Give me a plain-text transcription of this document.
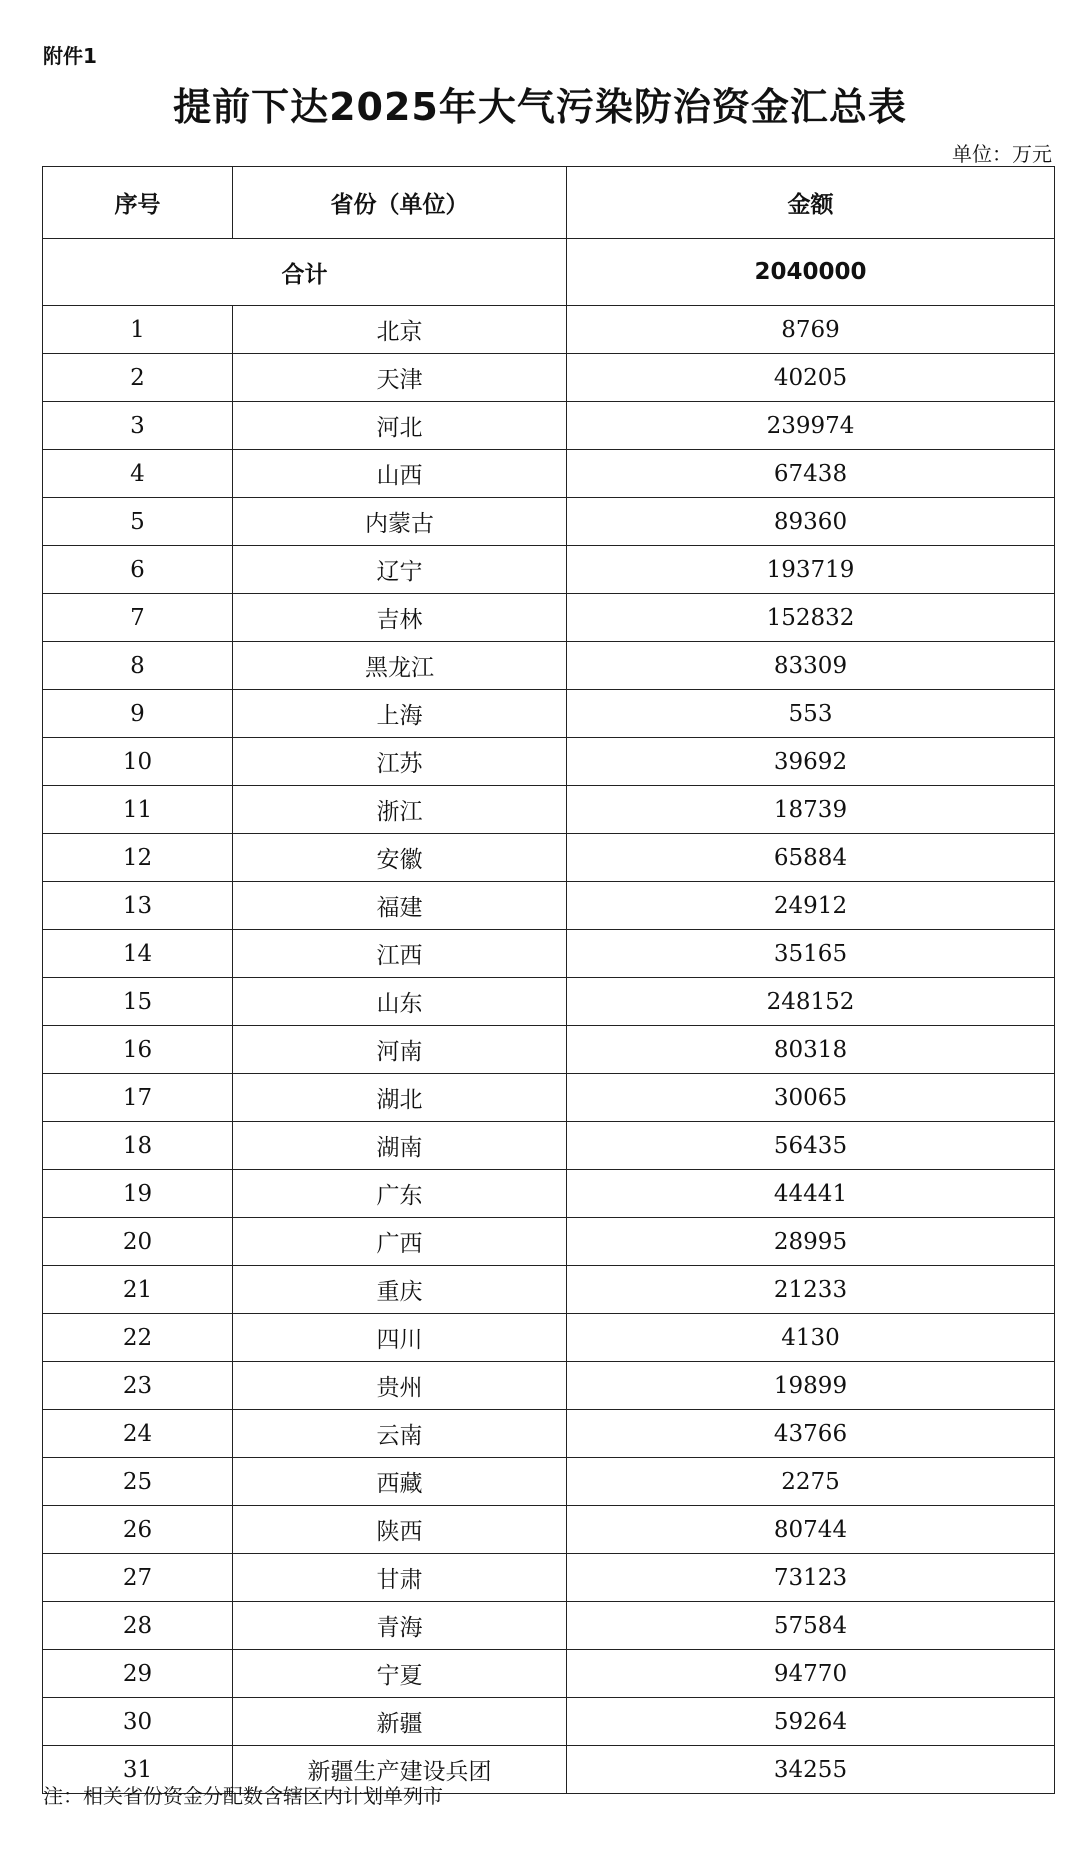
附件1
提前下达2025年大气污染防治资金汇总表
单位：万元
序号	省份（单位）	金额
合计		2040000
1	北京	8769
2	天津	40205
3	河北	239974
4	山西	67438
5	内蒙古	89360
6	辽宁	193719
7	吉林	152832
8	黑龙江	83309
9	上海	553
10	江苏	39692
11	浙江	18739
12	安徽	65884
13	福建	24912
14	江西	35165
15	山东	248152
16	河南	80318
17	湖北	30065
18	湖南	56435
19	广东	44441
20	广西	28995
21	重庆	21233
22	四川	4130
23	贵州	19899
24	云南	43766
25	西藏	2275
26	陕西	80744
27	甘肃	73123
28	青海	57584
29	宁夏	94770
30	新疆	59264
31	新疆生产建设兵团	34255
注：相关省份资金分配数含辖区内计划单列市
